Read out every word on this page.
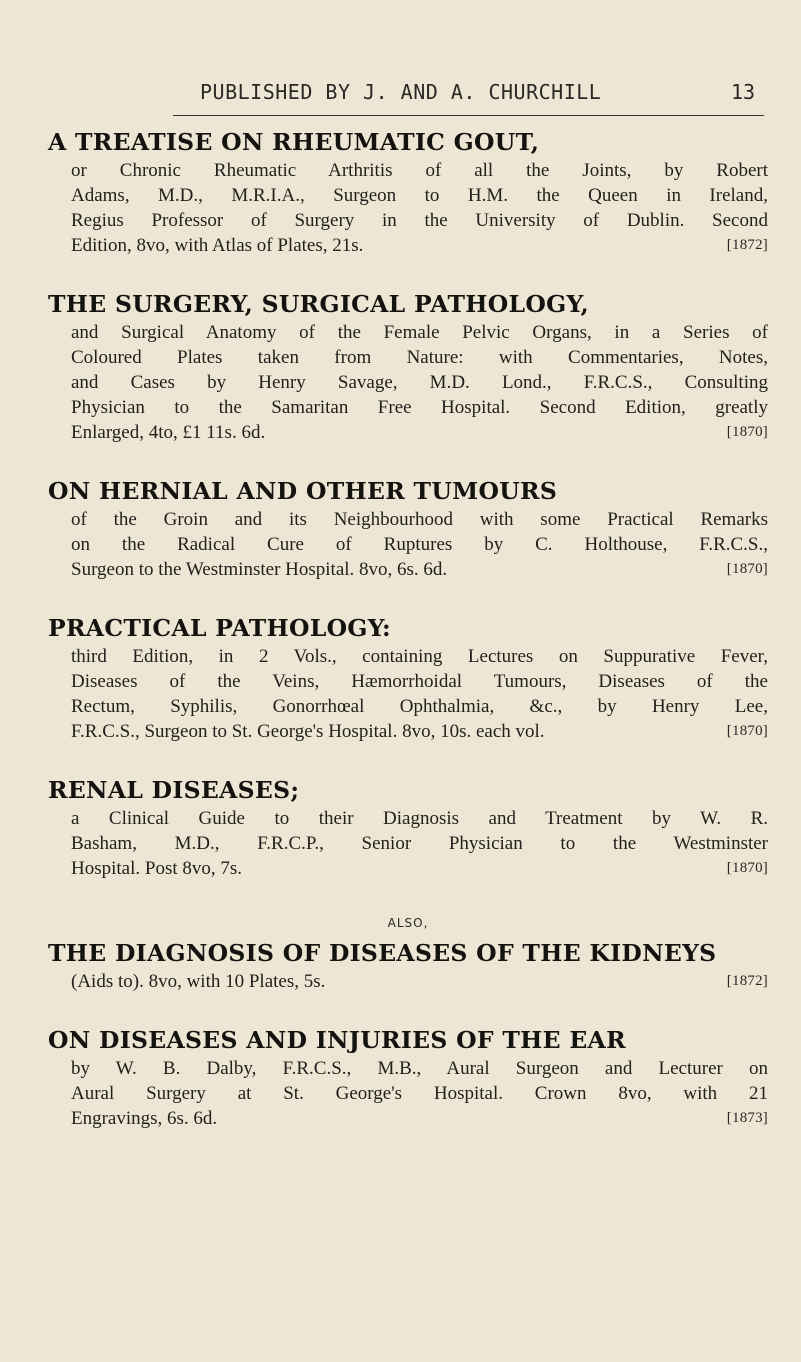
PUBLISHED BY J. AND A. CHURCHILL	13
A TREATISE ON RHEUMATIC GOUT,
or Chronic Rheumatic Arthritis of all the Joints, by Robert
Adams, M.D., M.R.I.A., Surgeon to H.M. the Queen in Ireland,
Regius Professor of Surgery in the University of Dublin. Second
Edition, 8vo, with Atlas of Plates, 21s.	[1872]
THE SURGERY, SURGICAL PATHOLOGY,
and Surgical Anatomy of the Female Pelvic Organs, in a Series of
Coloured Plates taken from Nature: with Commentaries, Notes,
and Cases by Henry Savage, M.D. Lond., F.R.C.S., Consulting
Physician to the Samaritan Free Hospital. Second Edition, greatly
Enlarged, 4to, £1 11s. 6d.	[1870]
ON HERNIAL AND OTHER TUMOURS
of the Groin and its Neighbourhood with some Practical Remarks
on the Radical Cure of Ruptures by C. Holthouse, F.R.C.S.,
Surgeon to the Westminster Hospital. 8vo, 6s. 6d.	[1870]
PRACTICAL PATHOLOGY:
third Edition, in 2 Vols., containing Lectures on Suppurative Fever,
Diseases of the Veins, Hæmorrhoidal Tumours, Diseases of the
Rectum, Syphilis, Gonorrhœal Ophthalmia, &c., by Henry Lee,
F.R.C.S., Surgeon to St. George's Hospital. 8vo, 10s. each vol.	[1870]
RENAL DISEASES;
a Clinical Guide to their Diagnosis and Treatment by W. R.
Basham, M.D., F.R.C.P., Senior Physician to the Westminster
Hospital. Post 8vo, 7s.	[1870]
ALSO,
THE DIAGNOSIS OF DISEASES OF THE KIDNEYS
(Aids to). 8vo, with 10 Plates, 5s.	[1872]
ON DISEASES AND INJURIES OF THE EAR
by W. B. Dalby, F.R.C.S., M.B., Aural Surgeon and Lecturer on
Aural Surgery at St. George's Hospital. Crown 8vo, with 21
Engravings, 6s. 6d.	[1873]
